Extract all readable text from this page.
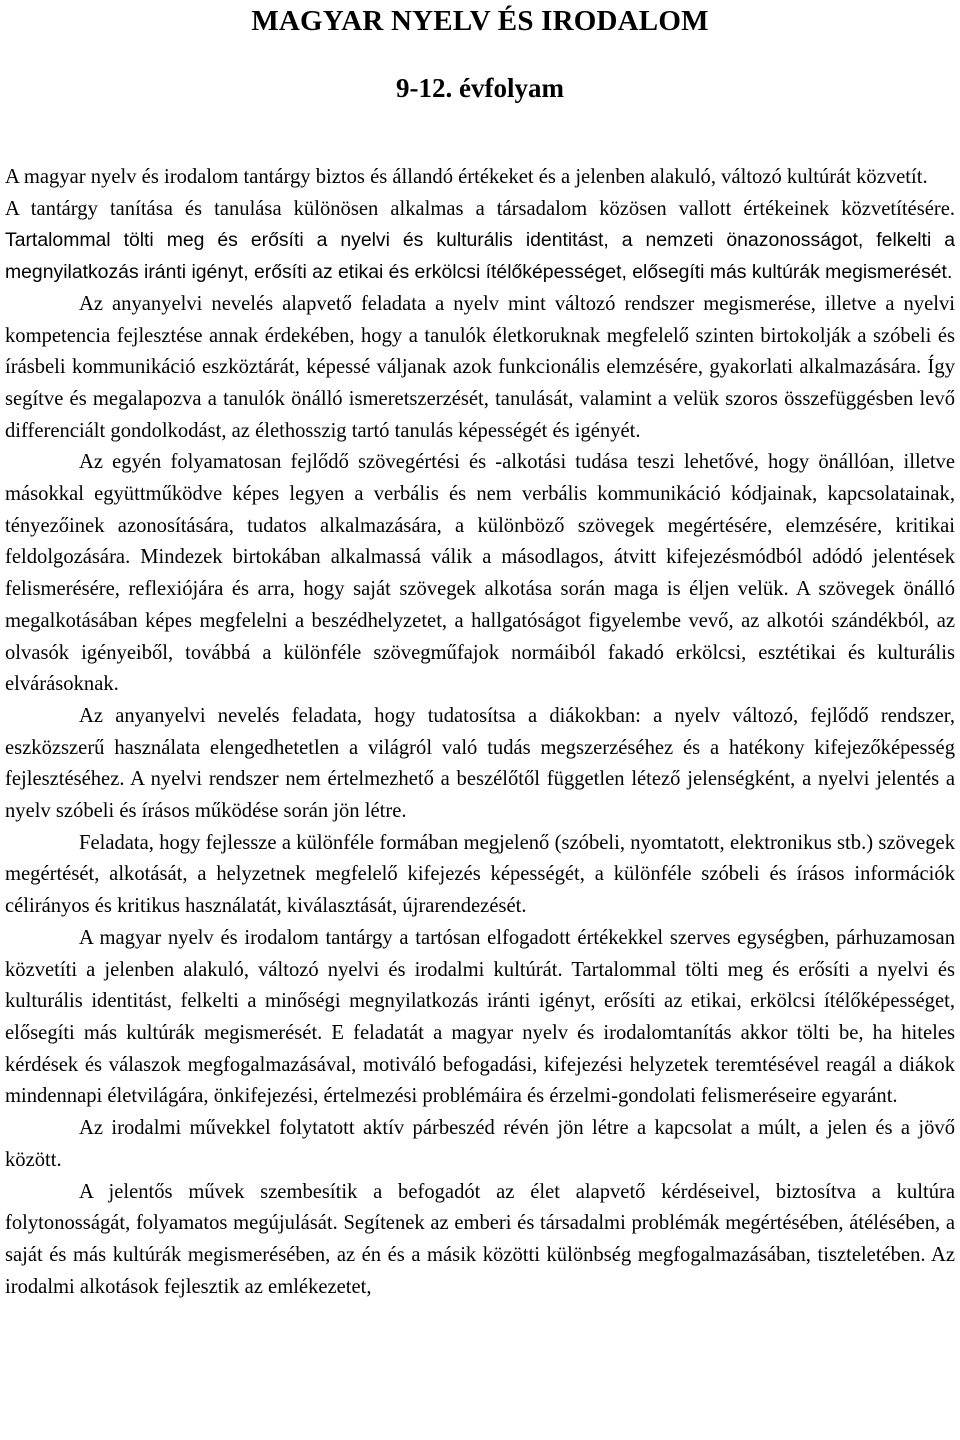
MAGYAR NYELV ÉS IRODALOM
9-12. évfolyam

A magyar nyelv és irodalom tantárgy biztos és állandó értékeket és a jelenben alakuló, változó kultúrát közvetít.

A tantárgy tanítása és tanulása különösen alkalmas a társadalom közösen vallott értékeinek közvetítésére. Tartalommal tölti meg és erősíti a nyelvi és kulturális identitást, a nemzeti önazonosságot, felkelti a megnyilatkozás iránti igényt, erősíti az etikai és erkölcsi ítélőképességet, elősegíti más kultúrák megismerését.

Az anyanyelvi nevelés alapvető feladata a nyelv mint változó rendszer megismerése, illetve a nyelvi kompetencia fejlesztése annak érdekében, hogy a tanulók életkoruknak megfelelő szinten birtokolják a szóbeli és írásbeli kommunikáció eszköztárát, képessé váljanak azok funkcionális elemzésére, gyakorlati alkalmazására. Így segítve és megalapozva a tanulók önálló ismeretszerzését, tanulását, valamint a velük szoros összefüggésben levő differenciált gondolkodást, az élethosszig tartó tanulás képességét és igényét.

Az egyén folyamatosan fejlődő szövegértési és -alkotási tudása teszi lehetővé, hogy önállóan, illetve másokkal együttműködve képes legyen a verbális és nem verbális kommunikáció kódjainak, kapcsolatainak, tényezőinek azonosítására, tudatos alkalmazására, a különböző szövegek megértésére, elemzésére, kritikai feldolgozására. Mindezek birtokában alkalmassá válik a másodlagos, átvitt kifejezésmódból adódó jelentések felismerésére, reflexiójára és arra, hogy saját szövegek alkotása során maga is éljen velük. A szövegek önálló megalkotásában képes megfelelni a beszédhelyzetet, a hallgatóságot figyelembe vevő, az alkotói szándékból, az olvasók igényeiből, továbbá a különféle szövegműfajok normáiból fakadó erkölcsi, esztétikai és kulturális elvárásoknak.

Az anyanyelvi nevelés feladata, hogy tudatosítsa a diákokban: a nyelv változó, fejlődő rendszer, eszközszerű használata elengedhetetlen a világról való tudás megszerzéséhez és a hatékony kifejezőképesség fejlesztéséhez. A nyelvi rendszer nem értelmezhető a beszélőtől független létező jelenségként, a nyelvi jelentés a nyelv szóbeli és írásos működése során jön létre.

Feladata, hogy fejlessze a különféle formában megjelenő (szóbeli, nyomtatott, elektronikus stb.) szövegek megértését, alkotását, a helyzetnek megfelelő kifejezés képességét, a különféle szóbeli és írásos információk célirányos és kritikus használatát, kiválasztását, újrarendezését.

A magyar nyelv és irodalom tantárgy a tartósan elfogadott értékekkel szerves egységben, párhuzamosan közvetíti a jelenben alakuló, változó nyelvi és irodalmi kultúrát. Tartalommal tölti meg és erősíti a nyelvi és kulturális identitást, felkelti a minőségi megnyilatkozás iránti igényt, erősíti az etikai, erkölcsi ítélőképességet, elősegíti más kultúrák megismerését. E feladatát a magyar nyelv és irodalomtanítás akkor tölti be, ha hiteles kérdések és válaszok megfogalmazásával, motiváló befogadási, kifejezési helyzetek teremtésével reagál a diákok mindennapi életvilágára, önkifejezési, értelmezési problémáira és érzelmi-gondolati felismeréseire egyaránt.

Az irodalmi művekkel folytatott aktív párbeszéd révén jön létre a kapcsolat a múlt, a jelen és a jövő között.

A jelentős művek szembesítik a befogadót az élet alapvető kérdéseivel, biztosítva a kultúra folytonosságát, folyamatos megújulását. Segítenek az emberi és társadalmi problémák megértésében, átélésében, a saját és más kultúrák megismerésében, az én és a másik közötti különbség megfogalmazásában, tiszteletében. Az irodalmi alkotások fejlesztik az emlékezetet,
